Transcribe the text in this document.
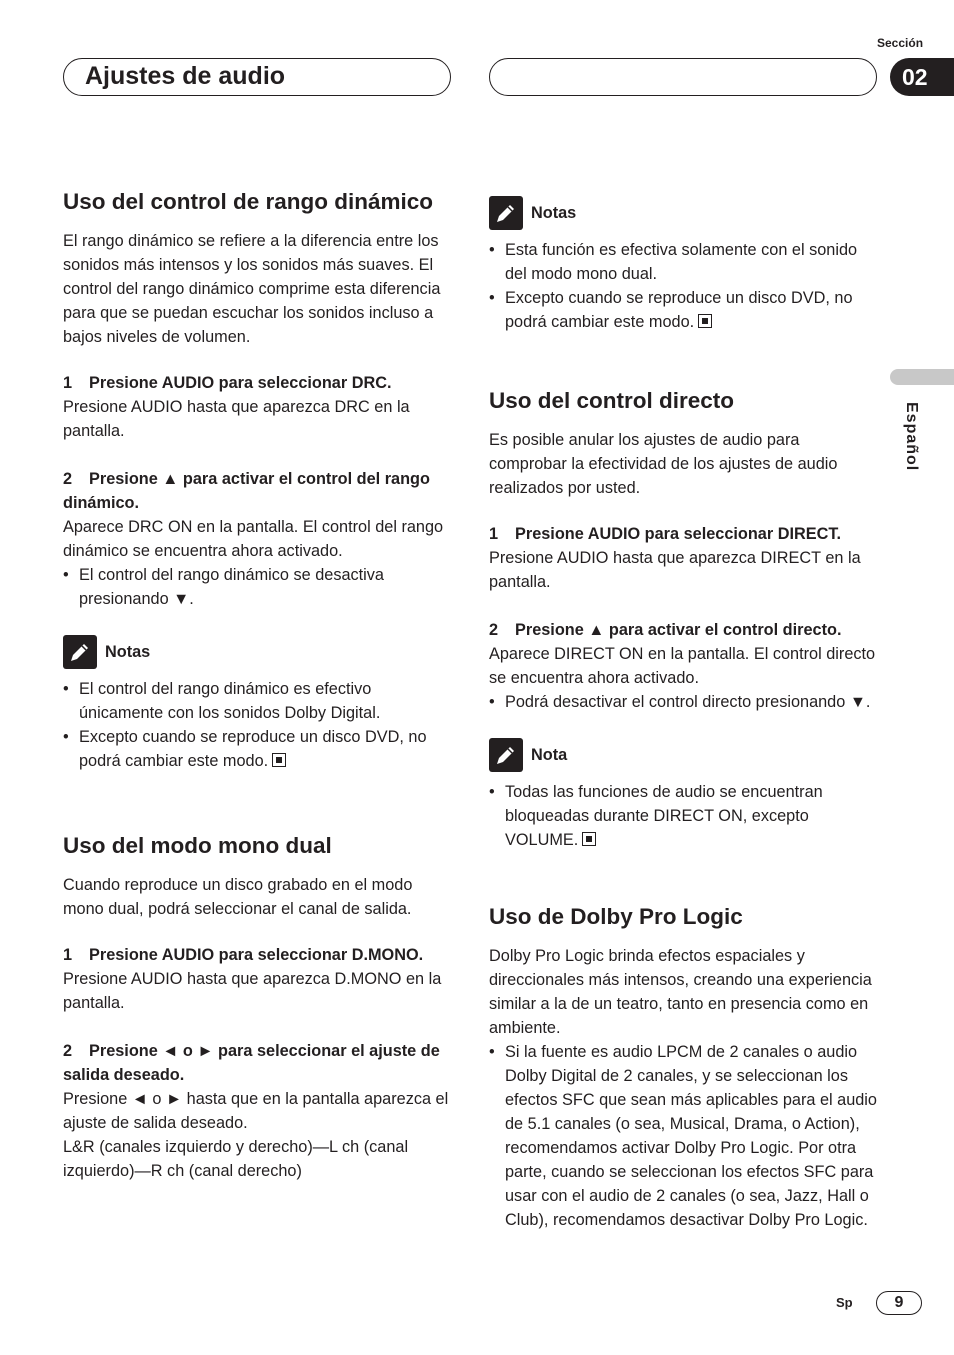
Ajustes de audio
Sección
02
Español
Uso del control de rango dinámico

El rango dinámico se refiere a la diferencia entre los sonidos más intensos y los sonidos más suaves. El control del rango dinámico comprime esta diferencia para que se puedan escuchar los sonidos incluso a bajos niveles de volumen.

1 Presione AUDIO para seleccionar DRC.

Presione AUDIO hasta que aparezca DRC en la pantalla.

2 Presione ▲ para activar el control del rango dinámico.

Aparece DRC ON en la pantalla. El control del rango dinámico se encuentra ahora activado.

• El control del rango dinámico se desactiva presionando ▼.

Notas

• El control del rango dinámico es efectivo únicamente con los sonidos Dolby Digital.

• Excepto cuando se reproduce un disco DVD, no podrá cambiar este modo.

Uso del modo mono dual

Cuando reproduce un disco grabado en el modo mono dual, podrá seleccionar el canal de salida.

1 Presione AUDIO para seleccionar D.MONO.

Presione AUDIO hasta que aparezca D.MONO en la pantalla.

2 Presione ◄ o ► para seleccionar el ajuste de salida deseado.

Presione ◄ o ► hasta que en la pantalla aparezca el ajuste de salida deseado.

L&R (canales izquierdo y derecho)—L ch (canal izquierdo)—R ch (canal derecho)

Notas

• Esta función es efectiva solamente con el sonido del modo mono dual.

• Excepto cuando se reproduce un disco DVD, no podrá cambiar este modo.

Uso del control directo

Es posible anular los ajustes de audio para comprobar la efectividad de los ajustes de audio realizados por usted.

1 Presione AUDIO para seleccionar DIRECT.

Presione AUDIO hasta que aparezca DIRECT en la pantalla.

2 Presione ▲ para activar el control directo.

Aparece DIRECT ON en la pantalla. El control directo se encuentra ahora activado.

• Podrá desactivar el control directo presionando ▼.

Nota

• Todas las funciones de audio se encuentran bloqueadas durante DIRECT ON, excepto VOLUME.

Uso de Dolby Pro Logic

Dolby Pro Logic brinda efectos espaciales y direccionales más intensos, creando una experiencia similar a la de un teatro, tanto en presencia como en ambiente.

• Si la fuente es audio LPCM de 2 canales o audio Dolby Digital de 2 canales, y se seleccionan los efectos SFC que sean más aplicables para el audio de 5.1 canales (o sea, Musical, Drama, o Action), recomendamos activar Dolby Pro Logic. Por otra parte, cuando se seleccionan los efectos SFC para usar con el audio de 2 canales (o sea, Jazz, Hall o Club), recomendamos desactivar Dolby Pro Logic.

Sp	9
